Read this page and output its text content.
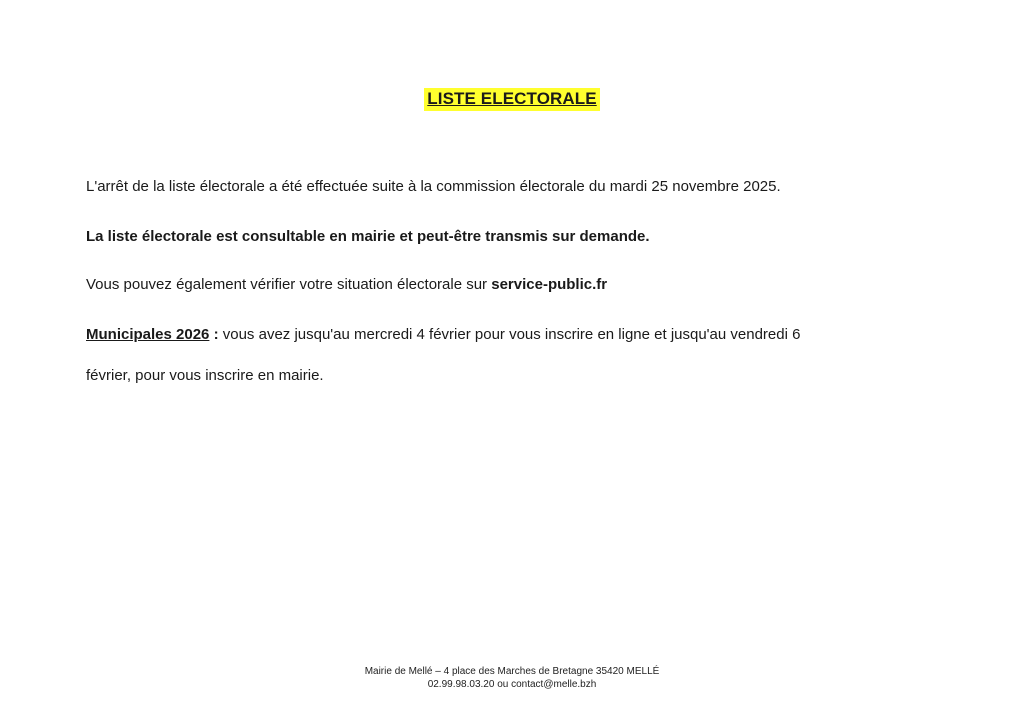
LISTE ELECTORALE
L'arrêt de la liste électorale a été effectuée suite à la commission électorale du mardi 25 novembre 2025.
La liste électorale est consultable en mairie et peut-être transmis sur demande.
Vous pouvez également vérifier votre situation électorale sur service-public.fr
Municipales 2026 : vous avez jusqu'au mercredi 4 février pour vous inscrire en ligne et jusqu'au vendredi 6
février, pour vous inscrire en mairie.
Mairie de Mellé – 4 place des Marches de Bretagne 35420 MELLÉ
02.99.98.03.20 ou contact@melle.bzh
